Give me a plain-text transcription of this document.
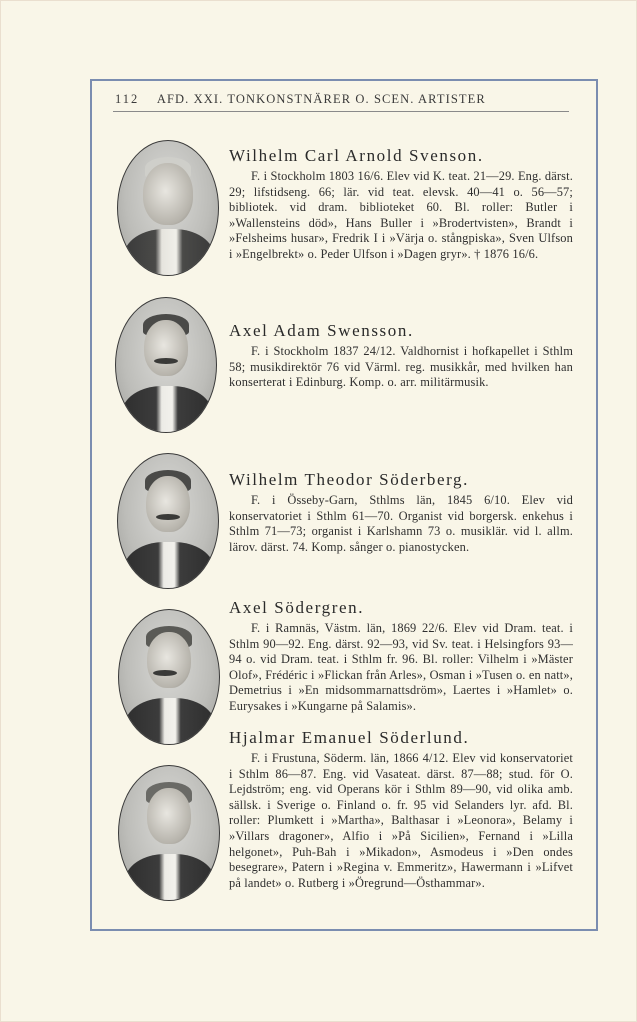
112 AFD. XXI. TONKONSTNÄRER O. SCEN. ARTISTER
Wilhelm Carl Arnold Svenson.

F. i Stockholm 1803 16/6. Elev vid K. teat. 21—29. Eng. därst. 29; lifstidseng. 66; lär. vid teat. elevsk. 40—41 o. 56—57; bibliotek. vid dram. biblioteket 60. Bl. roller: Butler i »Wallensteins död», Hans Buller i »Brodertvisten», Brandt i »Felsheims husar», Fredrik I i »Värja o. stångpiska», Sven Ulfson i »Engelbrekt» o. Peder Ulfson i »Dagen gryr». † 1876 16/6.

Axel Adam Swensson.

F. i Stockholm 1837 24/12. Valdhornist i hofkapellet i Sthlm 58; musikdirektör 76 vid Värml. reg. musikkår, med hvilken han konserterat i Edinburg. Komp. o. arr. militärmusik.

Wilhelm Theodor Söderberg.

F. i Össeby-Garn, Sthlms län, 1845 6/10. Elev vid konservatoriet i Sthlm 61—70. Organist vid borgersk. enkehus i Sthlm 71—73; organist i Karlshamn 73 o. musiklär. vid l. allm. lärov. därst. 74. Komp. sånger o. pianostycken.

Axel Södergren.

F. i Ramnäs, Västm. län, 1869 22/6. Elev vid Dram. teat. i Sthlm 90—92. Eng. därst. 92—93, vid Sv. teat. i Helsingfors 93—94 o. vid Dram. teat. i Sthlm fr. 96. Bl. roller: Vilhelm i »Mäster Olof», Frédéric i »Flickan från Arles», Osman i »Tusen o. en natt», Demetrius i »En midsommarnattsdröm», Laertes i »Hamlet» o. Eurysakes i »Kungarne på Salamis».

Hjalmar Emanuel Söderlund.

F. i Frustuna, Söderm. län, 1866 4/12. Elev vid konservatoriet i Sthlm 86—87. Eng. vid Vasateat. därst. 87—88; stud. för O. Lejdström; eng. vid Operans kör i Sthlm 89—90, vid olika amb. sällsk. i Sverige o. Finland o. fr. 95 vid Selanders lyr. afd. Bl. roller: Plumkett i »Martha», Balthasar i »Leonora», Belamy i »Villars dragoner», Alfio i »På Sicilien», Fernand i »Lilla helgonet», Puh-Bah i »Mikadon», Asmodeus i »Den ondes besegrare», Patern i »Regina v. Emmeritz», Hawermann i »Lifvet på landet» o. Rutberg i »Öregrund—Östhammar».
